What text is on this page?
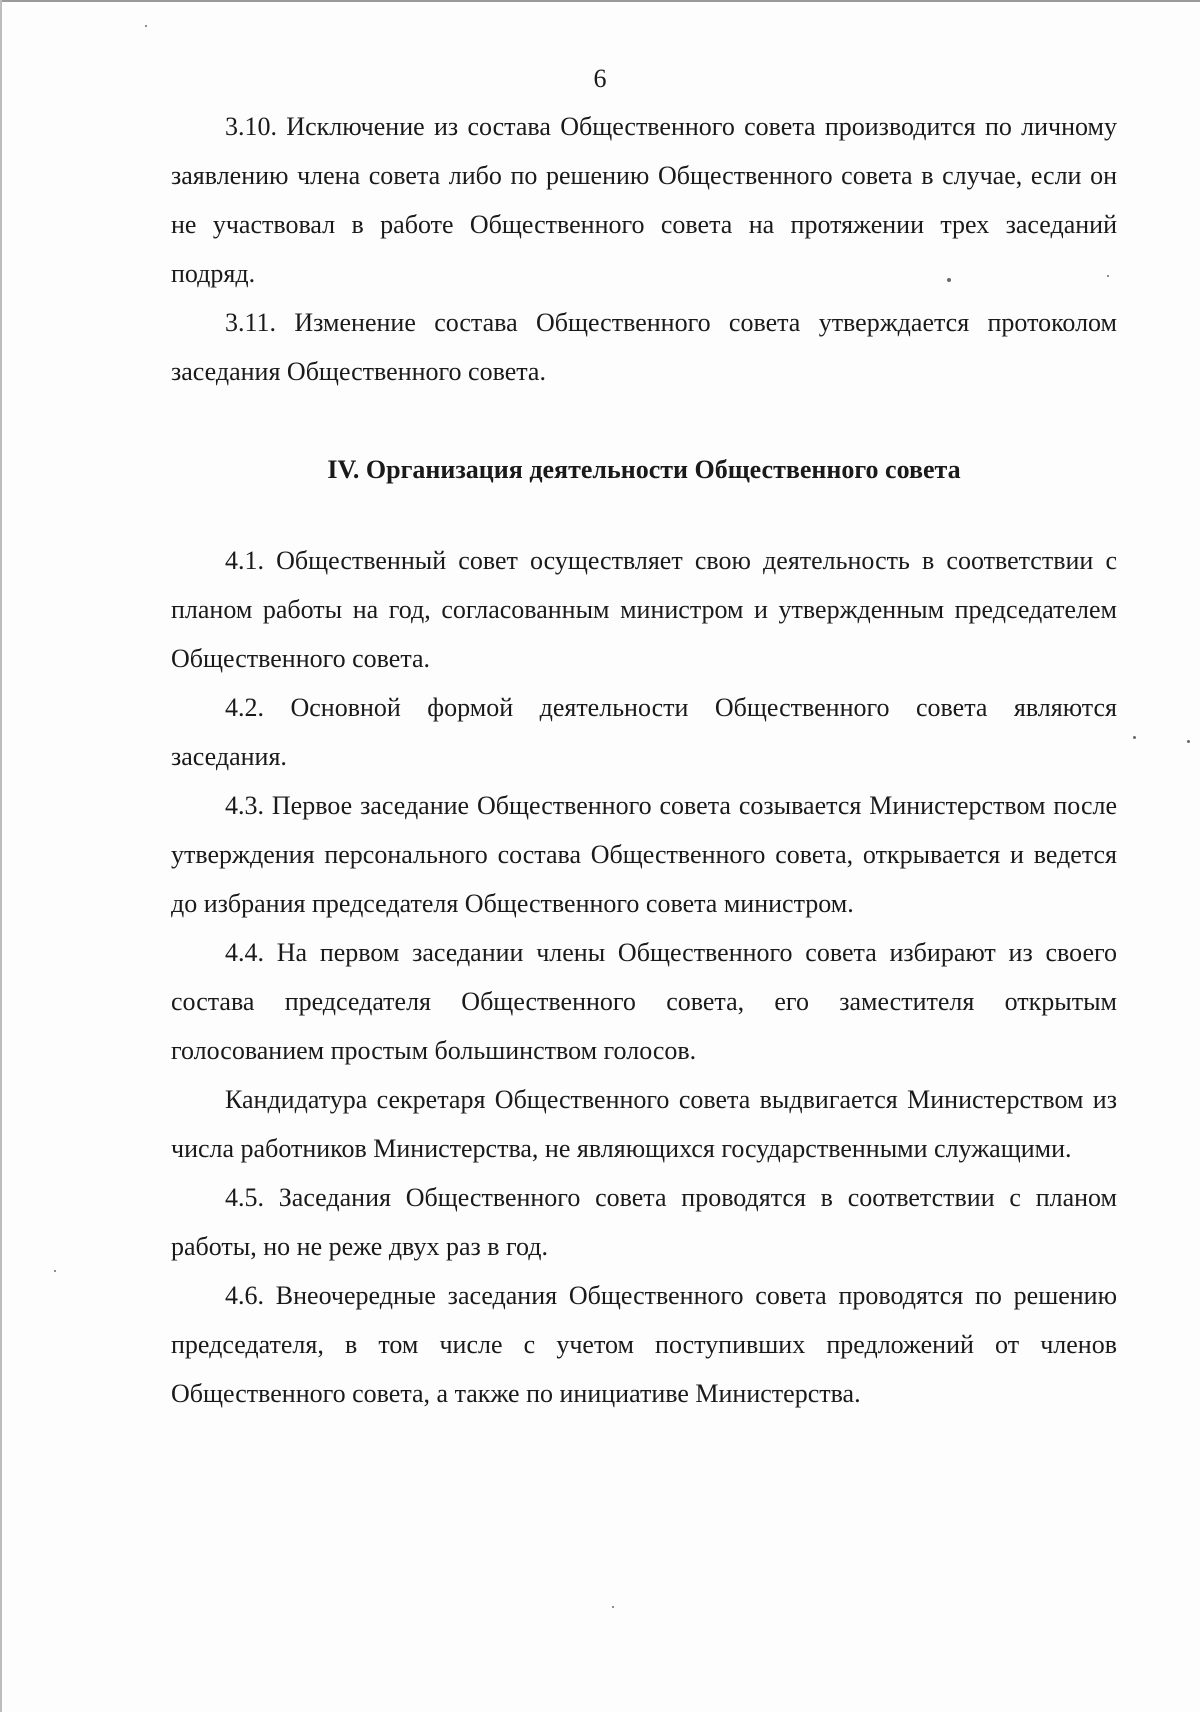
6

3.10. Исключение из состава Общественного совета производится по личному заявлению члена совета либо по решению Общественного совета в случае, если он не участвовал в работе Общественного совета на протяжении трех заседаний подряд.

3.11. Изменение состава Общественного совета утверждается протоколом заседания Общественного совета.

IV. Организация деятельности Общественного совета

4.1. Общественный совет осуществляет свою деятельность в соответствии с планом работы на год, согласованным министром и утвержденным председателем Общественного совета.

4.2. Основной формой деятельности Общественного совета являются заседания.

4.3. Первое заседание Общественного совета созывается Министерством после утверждения персонального состава Общественного совета, открывается и ведется до избрания председателя Общественного совета министром.

4.4. На первом заседании члены Общественного совета избирают из своего состава председателя Общественного совета, его заместителя открытым голосованием простым большинством голосов.

Кандидатура секретаря Общественного совета выдвигается Министерством из числа работников Министерства, не являющихся государственными служащими.

4.5. Заседания Общественного совета проводятся в соответствии с планом работы, но не реже двух раз в год.

4.6. Внеочередные заседания Общественного совета проводятся по решению председателя, в том числе с учетом поступивших предложений от членов Общественного совета, а также по инициативе Министерства.
